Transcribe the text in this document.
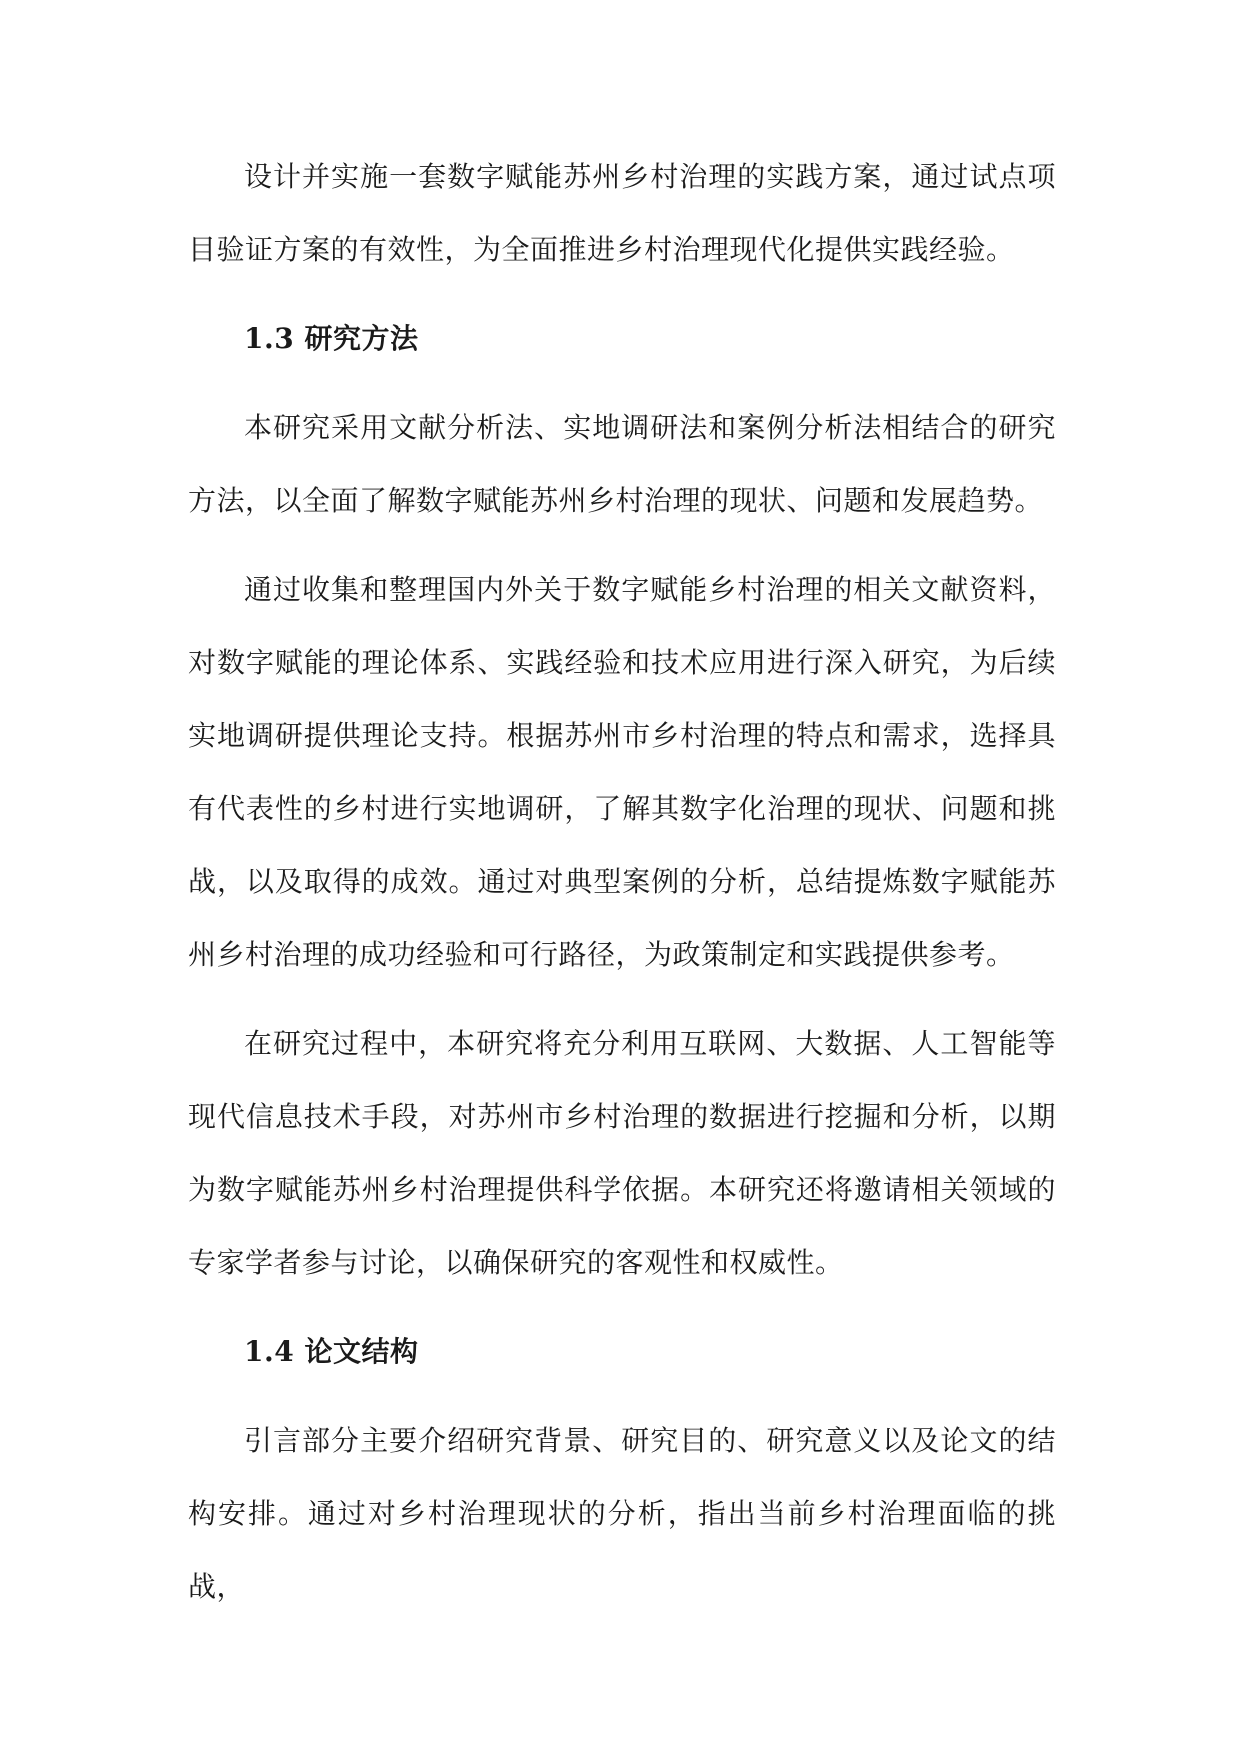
设计并实施一套数字赋能苏州乡村治理的实践方案，通过试点项目验证方案的有效性，为全面推进乡村治理现代化提供实践经验。

1.3 研究方法

本研究采用文献分析法、实地调研法和案例分析法相结合的研究方法，以全面了解数字赋能苏州乡村治理的现状、问题和发展趋势。

通过收集和整理国内外关于数字赋能乡村治理的相关文献资料，对数字赋能的理论体系、实践经验和技术应用进行深入研究，为后续实地调研提供理论支持。根据苏州市乡村治理的特点和需求，选择具有代表性的乡村进行实地调研，了解其数字化治理的现状、问题和挑战，以及取得的成效。通过对典型案例的分析，总结提炼数字赋能苏州乡村治理的成功经验和可行路径，为政策制定和实践提供参考。

在研究过程中，本研究将充分利用互联网、大数据、人工智能等现代信息技术手段，对苏州市乡村治理的数据进行挖掘和分析，以期为数字赋能苏州乡村治理提供科学依据。本研究还将邀请相关领域的专家学者参与讨论，以确保研究的客观性和权威性。

1.4 论文结构

引言部分主要介绍研究背景、研究目的、研究意义以及论文的结构安排。通过对乡村治理现状的分析，指出当前乡村治理面临的挑战，
